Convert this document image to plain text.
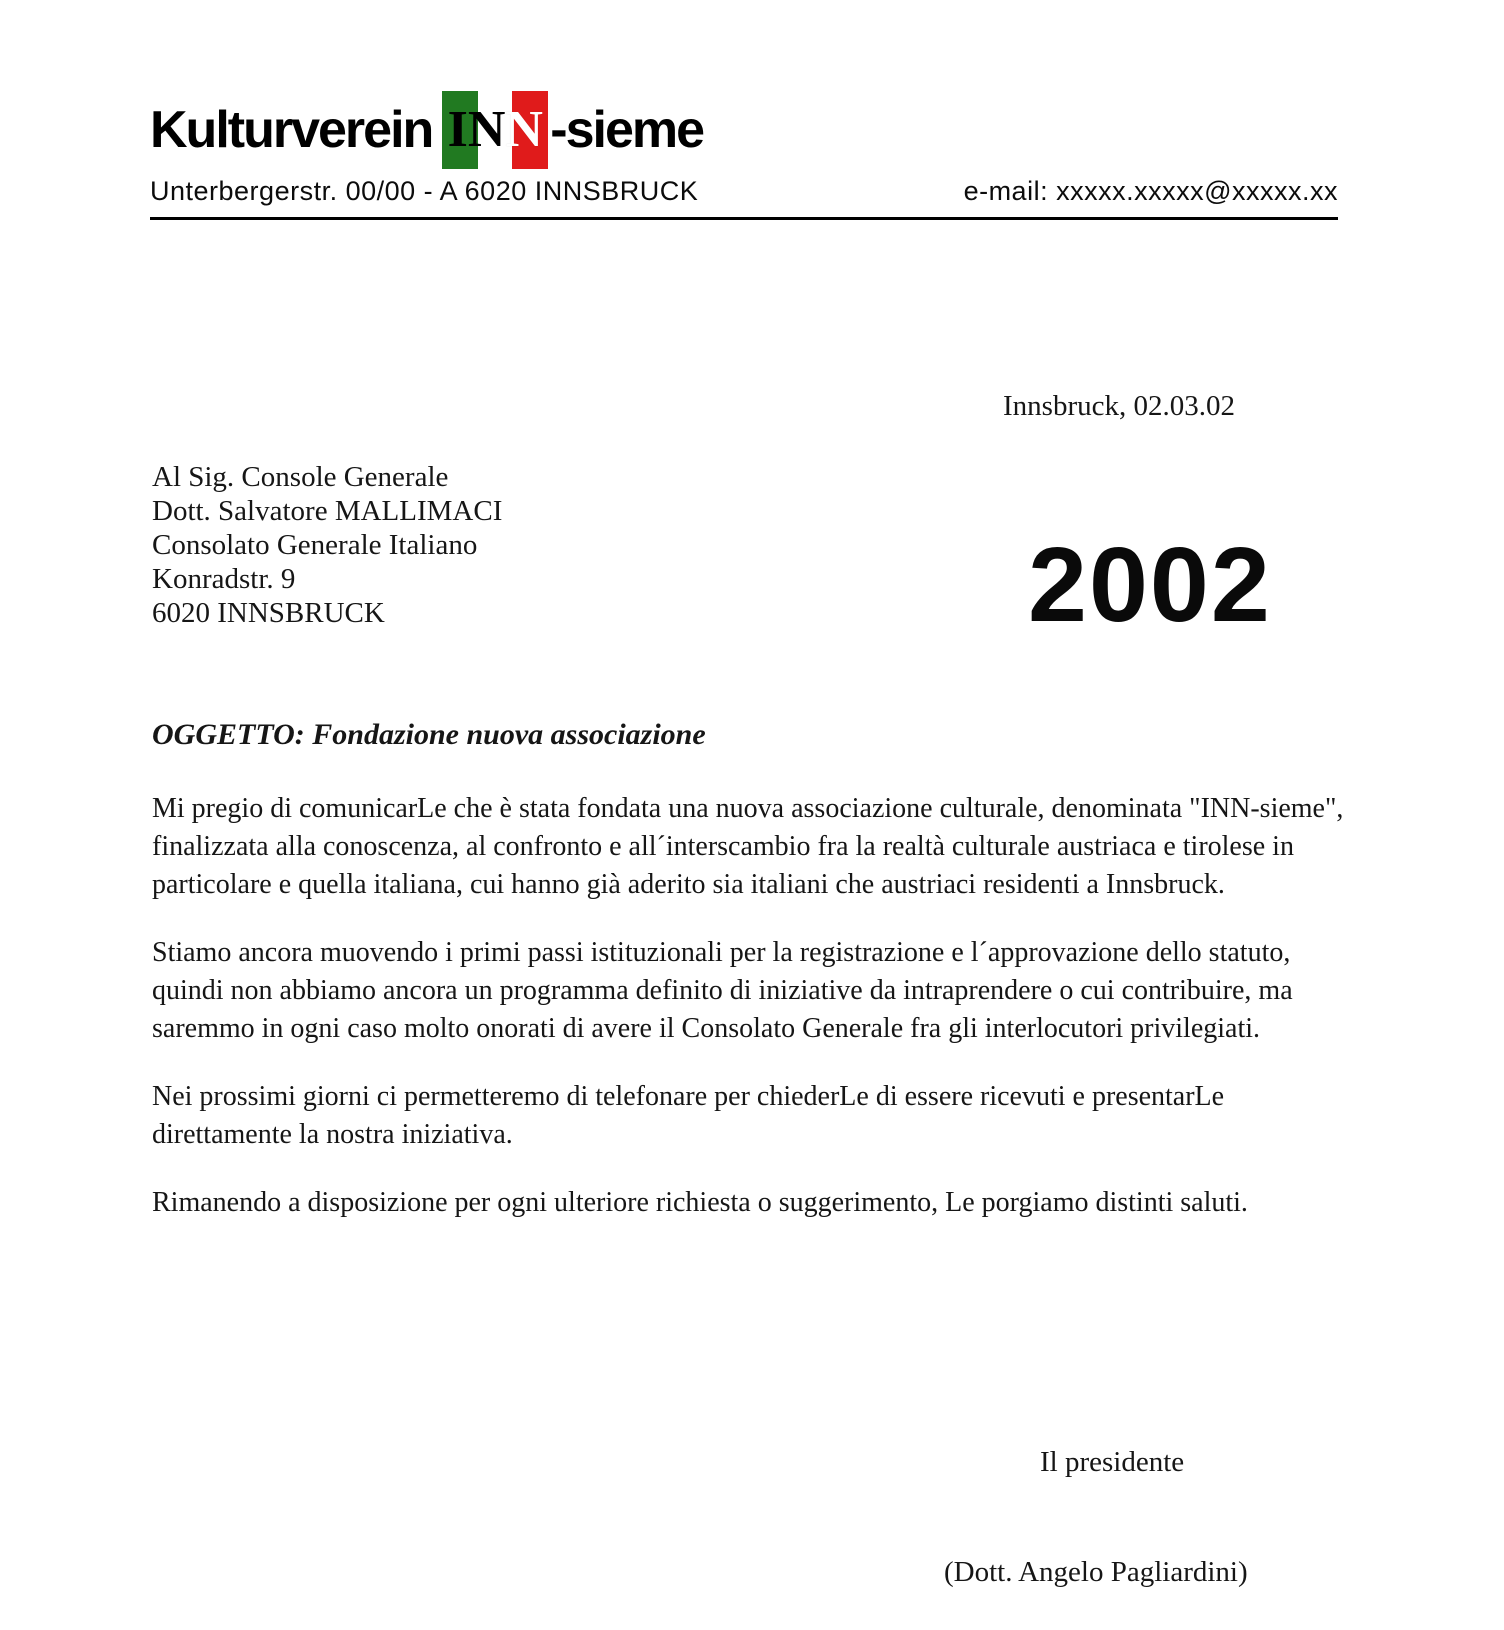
Kulturverein I N N -sieme
Unterbergerstr. 00/00 - A 6020 INNSBRUCK	e-mail: xxxxx.xxxxx@xxxxx.xx
Innsbruck, 02.03.02
Al Sig. Console Generale
Dott. Salvatore MALLIMACI
Consolato Generale Italiano
Konradstr. 9
6020 INNSBRUCK	2002

OGGETTO: Fondazione nuova associazione

Mi pregio di comunicarLe che è stata fondata una nuova associazione culturale, denominata "INN-sieme", finalizzata alla conoscenza, al confronto e all´interscambio fra la realtà culturale austriaca e tirolese in particolare e quella italiana, cui hanno già aderito sia italiani che austriaci residenti a Innsbruck.

Stiamo ancora muovendo i primi passi istituzionali per la registrazione e l´approvazione dello statuto, quindi non abbiamo ancora un programma definito di iniziative da intraprendere o cui contribuire, ma saremmo in ogni caso molto onorati di avere il Consolato Generale fra gli interlocutori privilegiati.

Nei prossimi giorni ci permetteremo di telefonare per chiederLe di essere ricevuti e presentarLe direttamente la nostra iniziativa.

Rimanendo a disposizione per ogni ulteriore richiesta o suggerimento, Le porgiamo distinti saluti.

Il presidente
(Dott. Angelo Pagliardini)
